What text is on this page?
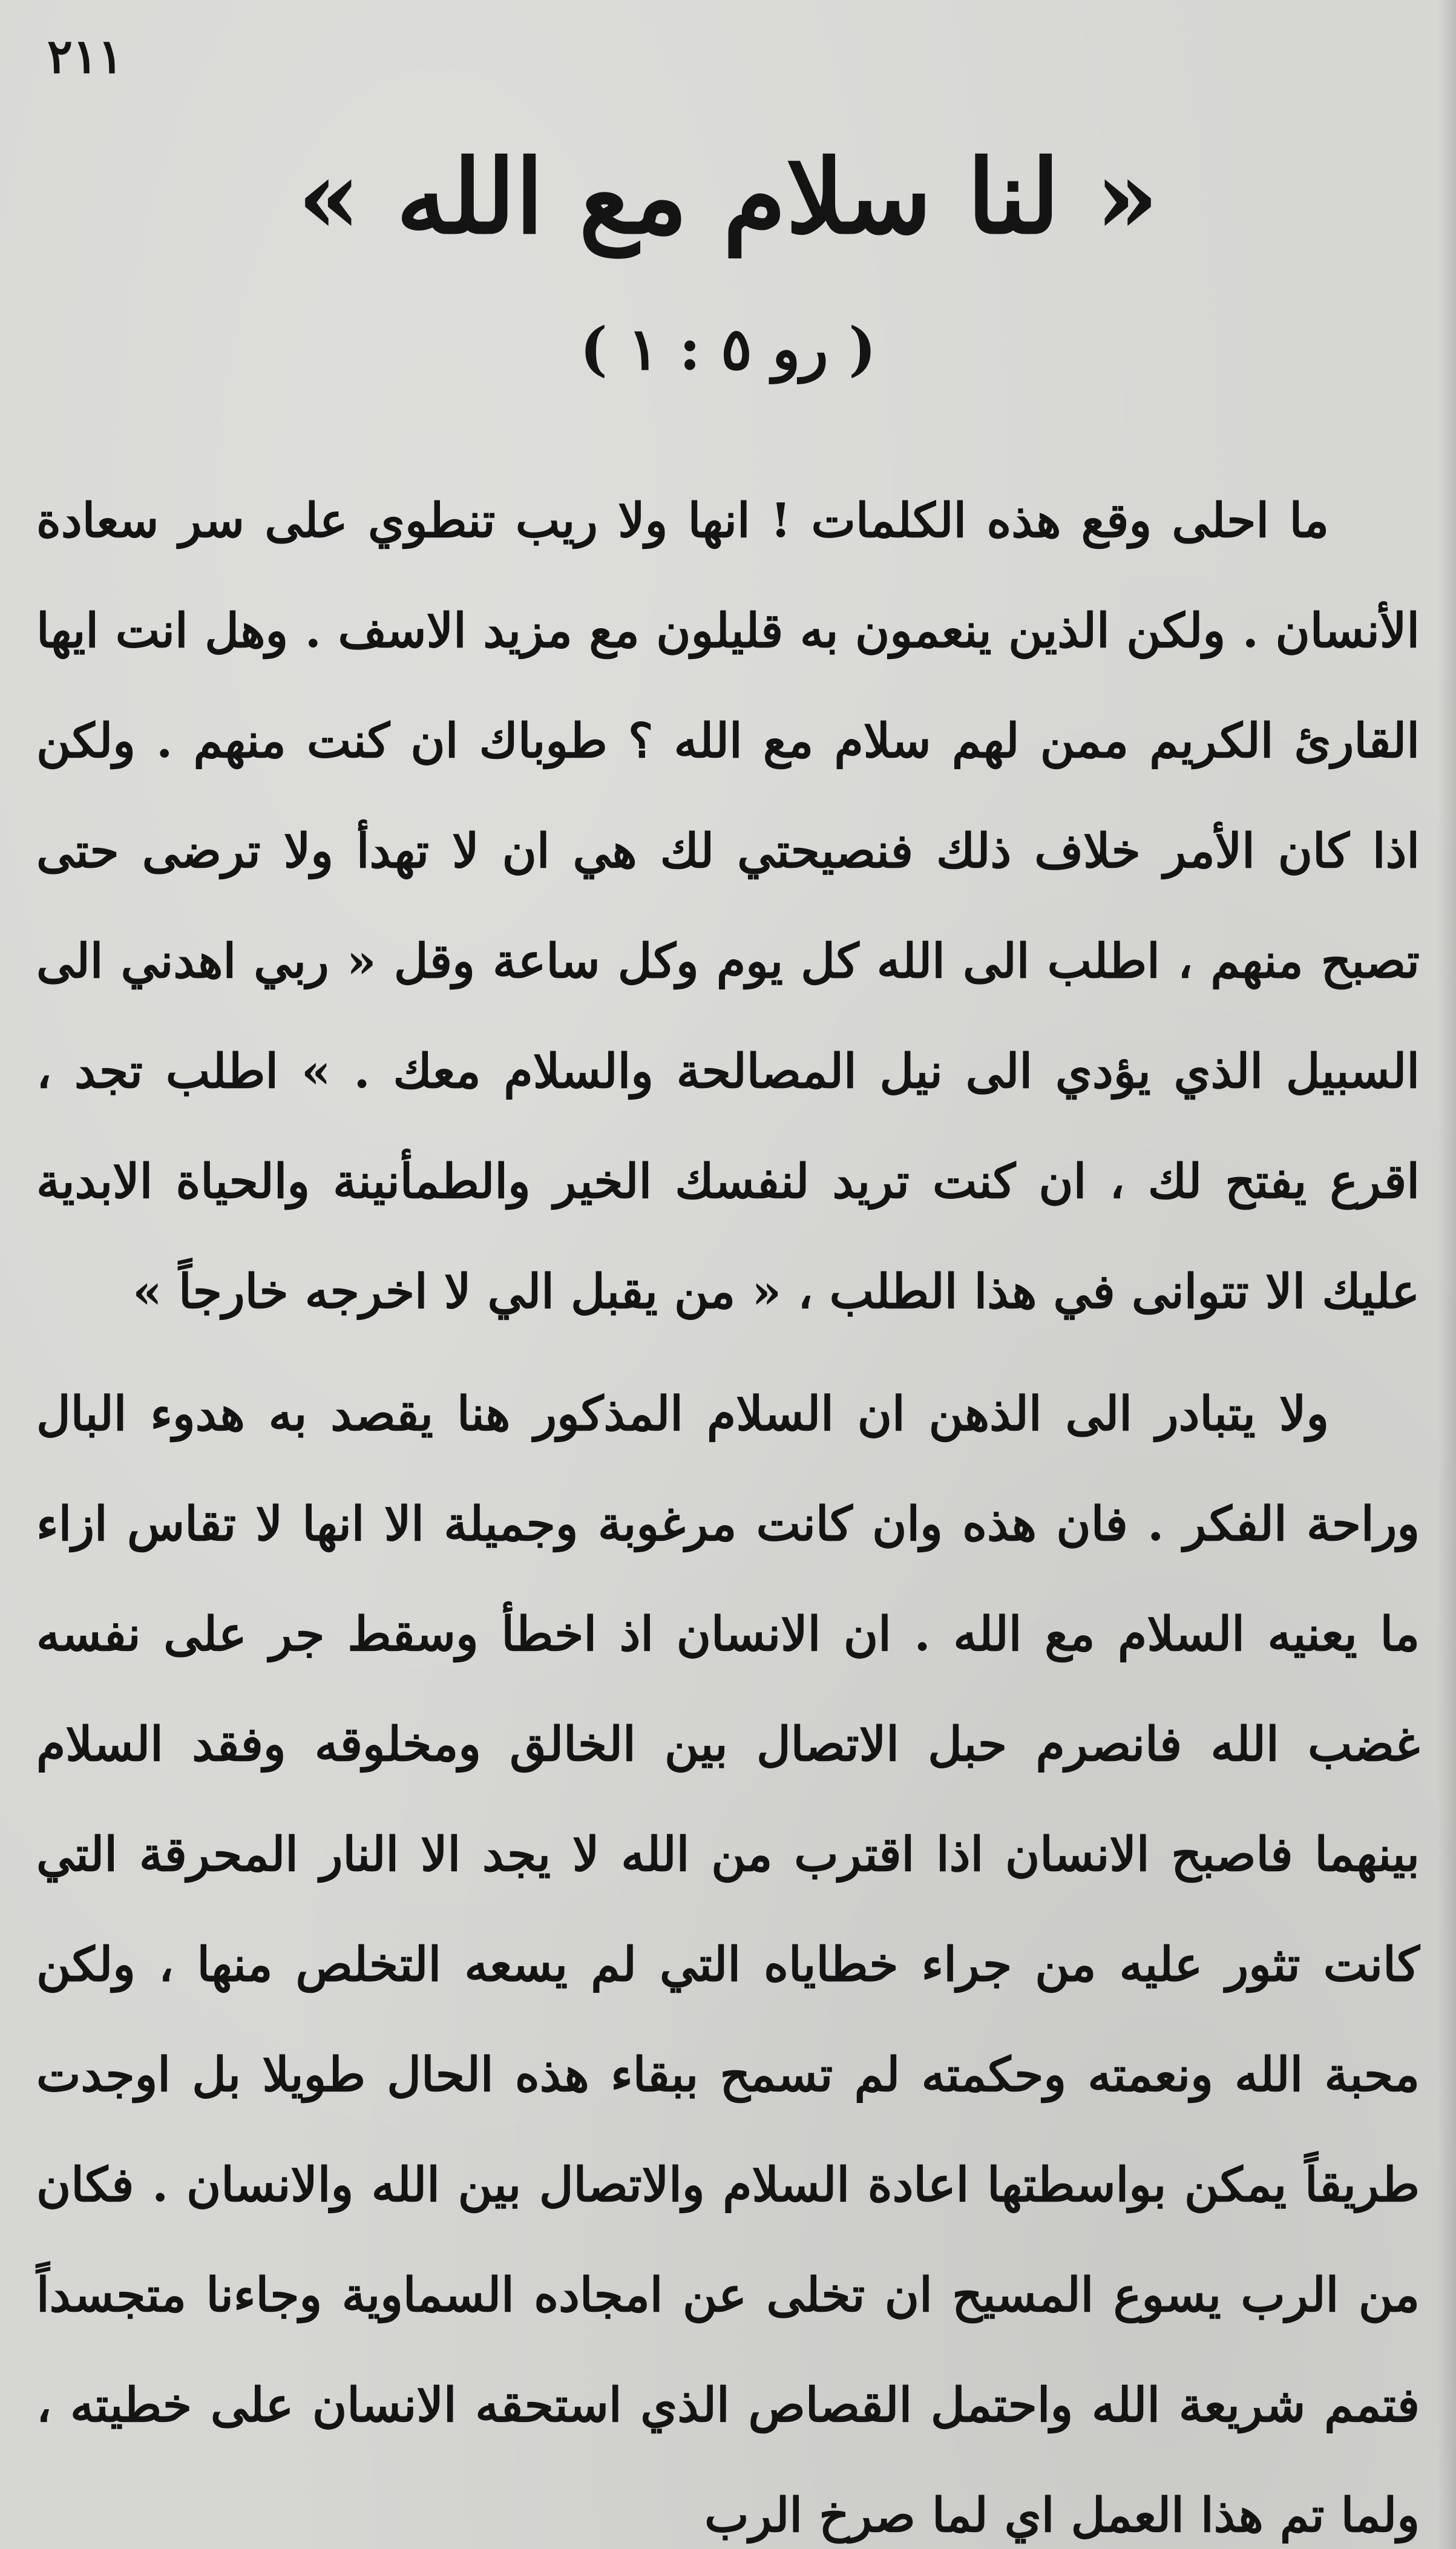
٢١١
« لنا سلام مع الله »
( رو ٥ : ١ )

ما احلى وقع هذه الكلمات ! انها ولا ريب تنطوي على سر سعادة الأنسان . ولكن الذين ينعمون به قليلون مع مزيد الاسف . وهل انت ايها القارئ الكريم ممن لهم سلام مع الله ؟ طوباك ان كنت منهم . ولكن اذا كان الأمر خلاف ذلك فنصيحتي لك هي ان لا تهدأ ولا ترضى حتى تصبح منهم ، اطلب الى الله كل يوم وكل ساعة وقل « ربي اهدني الى السبيل الذي يؤدي الى نيل المصالحة والسلام معك . » اطلب تجد ، اقرع يفتح لك ، ان كنت تريد لنفسك الخير والطمأنينة والحياة الابدية عليك الا تتوانى في هذا الطلب ، « من يقبل الي لا اخرجه خارجاً »

ولا يتبادر الى الذهن ان السلام المذكور هنا يقصد به هدوء البال وراحة الفكر . فان هذه وان كانت مرغوبة وجميلة الا انها لا تقاس ازاء ما يعنيه السلام مع الله . ان الانسان اذ اخطأ وسقط جر على نفسه غضب الله فانصرم حبل الاتصال بين الخالق ومخلوقه وفقد السلام بينهما فاصبح الانسان اذا اقترب من الله لا يجد الا النار المحرقة التي كانت تثور عليه من جراء خطاياه التي لم يسعه التخلص منها ، ولكن محبة الله ونعمته وحكمته لم تسمح ببقاء هذه الحال طويلا بل اوجدت طريقاً يمكن بواسطتها اعادة السلام والاتصال بين الله والانسان . فكان من الرب يسوع المسيح ان تخلى عن امجاده السماوية وجاءنا متجسداً فتمم شريعة الله واحتمل القصاص الذي استحقه الانسان على خطيته ، ولما تم هذا العمل اي لما صرخ الرب
